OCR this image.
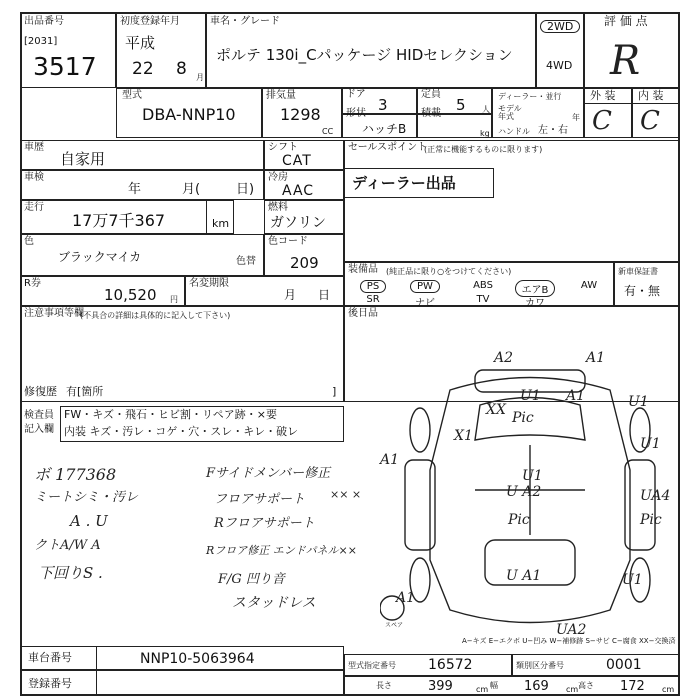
出品番号
[2031]
3517
初度登録年月
平成
22 8 月
車名・グレード
ポルテ 130i_Cパッケージ HIDセレクション
2WD
4WD
評 価 点
R
型式
DBA-NNP10
排気量
1298
CC
ドア
3
定員
5 人
形状
ハッチB
積載
kg
ディーラー・並行
モデル年式	年
ハンドル 左・右
外 装 内 装
C C
車歴
自家用
車検
年	月(	日)
走行
17万7千367	km
色
ブラックマイカ	色替
R券
10,520 円
名変期限
月 日
注意事項等欄
(不具合の詳細は具体的に記入して下さい)
修復歴 有[箇所	]
シフト
CAT
冷房
AAC
燃料
ガソリン
色コード
209
セールスポイント
(正常に機能するものに限ります)
ディーラー出品
装備品 (純正品に限り○をつけてください)
PS	PW	ABS	エアB	AW
SR	ナビ	TV	カワ
新車保証書
有・無
後日品
検査員
記入欄
FW・キズ・飛石・ヒビ割・リペア跡・×要
内装 キズ・汚レ・コゲ・穴・スレ・キレ・破レ
ボ 177368
ミートシミ・汚レ
A . U
クトA/W A
下回りS .
Fサイドメンバー修正
フロアサポート
Rフロアサポート
×× ×
Rフロア修正 エンドパネル××
F/G 凹り音
スタッドレス
A2	A1
U1
XX	U1
Pic
U1
A1
X1
A1
U1
U A2
Pic
UA4
Pic
U A1	U1
A1
UA2
スペア
A−キズ E−エクボ U−凹み W−補修跡 S−サビ C−腐食 XX−交換済
車台番号	NNP10-5063964
登録番号
型式指定番号 16572	類別区分番号	0001
長さ	399	cm 幅 169 cm 高さ 172 cm
